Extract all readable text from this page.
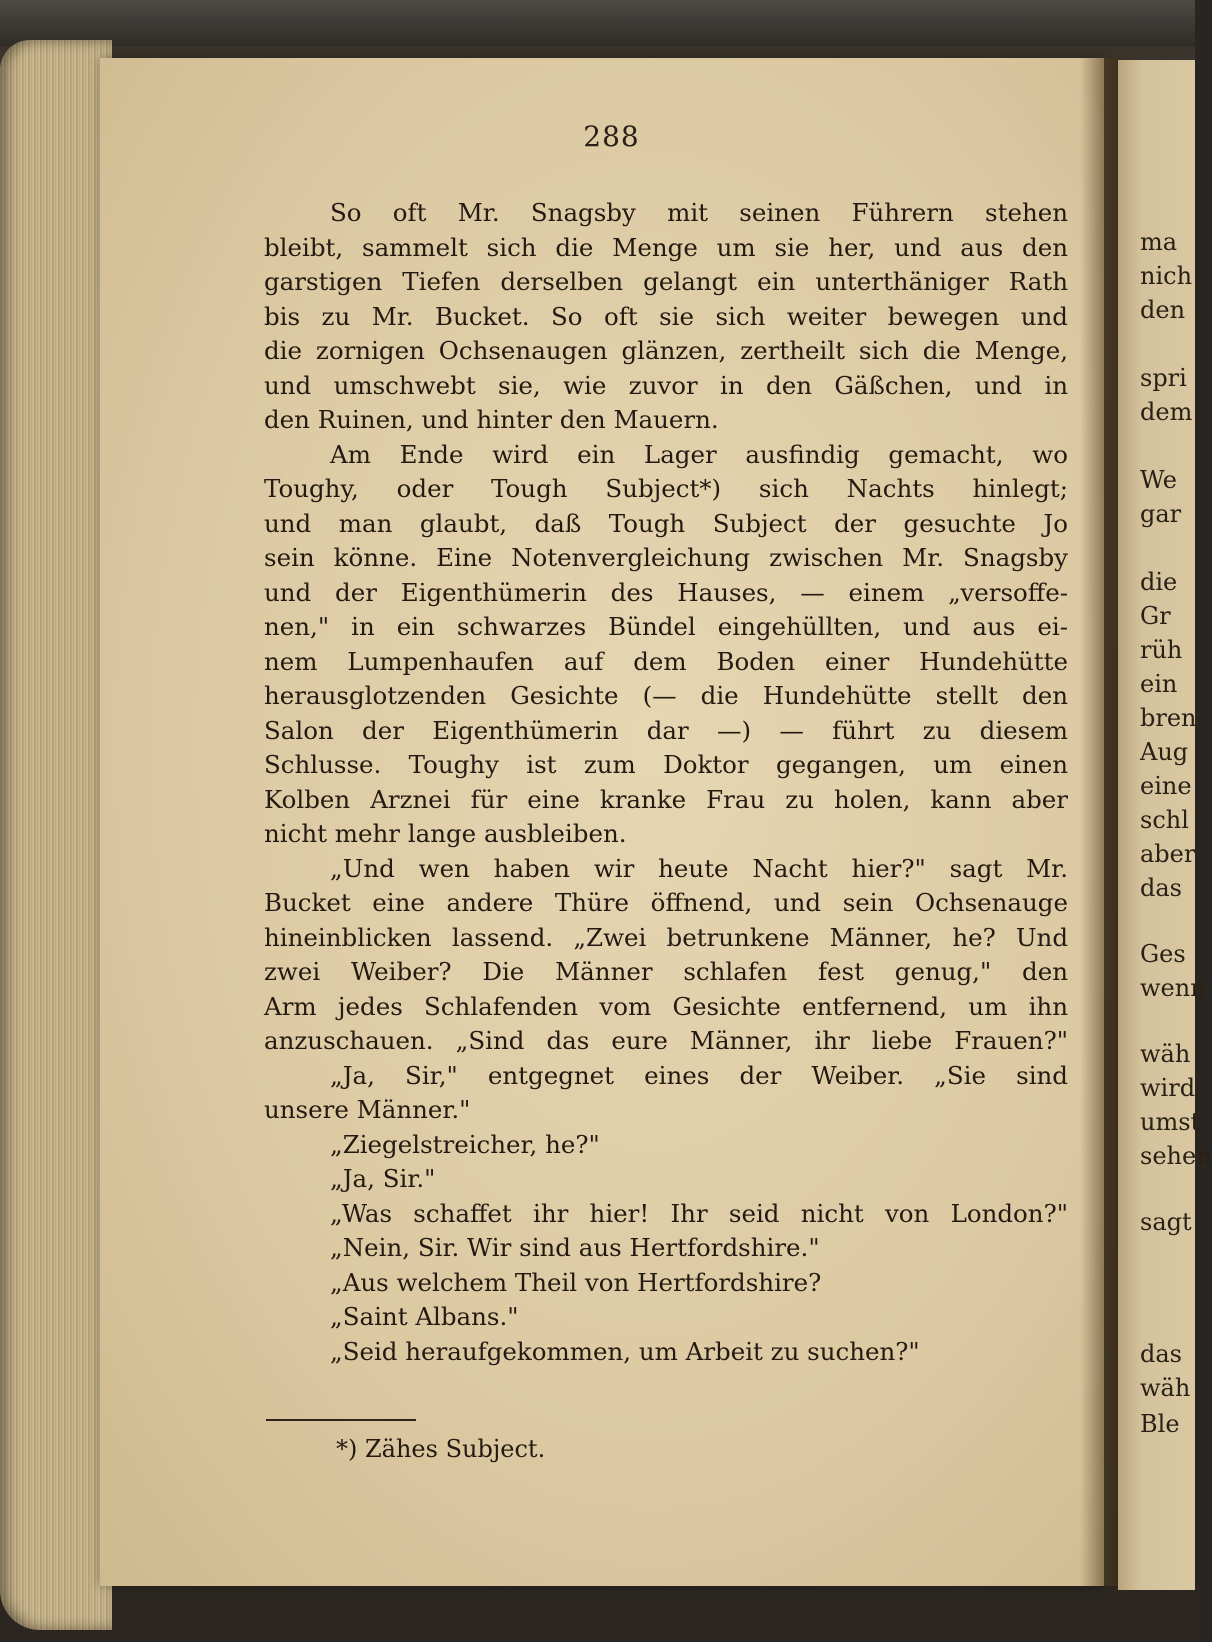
ma
nich
den
spri
dem
We
gar
die
Gr
rüh
ein
bren
Aug
eine
schl
aber
das
Ges
wenn
wäh
wird
umst
sehen
sagt
das
wäh
Ble
288
So oft Mr. Snagsby mit seinen Führern stehen
bleibt, sammelt sich die Menge um sie her, und aus den
garstigen Tiefen derselben gelangt ein unterthäniger Rath
bis zu Mr. Bucket. So oft sie sich weiter bewegen und
die zornigen Ochsenaugen glänzen, zertheilt sich die Menge,
und umschwebt sie, wie zuvor in den Gäßchen, und in
den Ruinen, und hinter den Mauern.
Am Ende wird ein Lager ausfindig gemacht, wo
Toughy, oder Tough Subject*) sich Nachts hinlegt;
und man glaubt, daß Tough Subject der gesuchte Jo
sein könne. Eine Notenvergleichung zwischen Mr. Snagsby
und der Eigenthümerin des Hauses, — einem „versoffe-
nen," in ein schwarzes Bündel eingehüllten, und aus ei-
nem Lumpenhaufen auf dem Boden einer Hundehütte
herausglotzenden Gesichte (— die Hundehütte stellt den
Salon der Eigenthümerin dar —) — führt zu diesem
Schlusse. Toughy ist zum Doktor gegangen, um einen
Kolben Arznei für eine kranke Frau zu holen, kann aber
nicht mehr lange ausbleiben.
„Und wen haben wir heute Nacht hier?" sagt Mr.
Bucket eine andere Thüre öffnend, und sein Ochsenauge
hineinblicken lassend. „Zwei betrunkene Männer, he? Und
zwei Weiber? Die Männer schlafen fest genug," den
Arm jedes Schlafenden vom Gesichte entfernend, um ihn
anzuschauen. „Sind das eure Männer, ihr liebe Frauen?"
„Ja, Sir," entgegnet eines der Weiber. „Sie sind
unsere Männer."
„Ziegelstreicher, he?"
„Ja, Sir."
„Was schaffet ihr hier! Ihr seid nicht von London?"
„Nein, Sir. Wir sind aus Hertfordshire."
„Aus welchem Theil von Hertfordshire?
„Saint Albans."
„Seid heraufgekommen, um Arbeit zu suchen?"
*) Zähes Subject.
